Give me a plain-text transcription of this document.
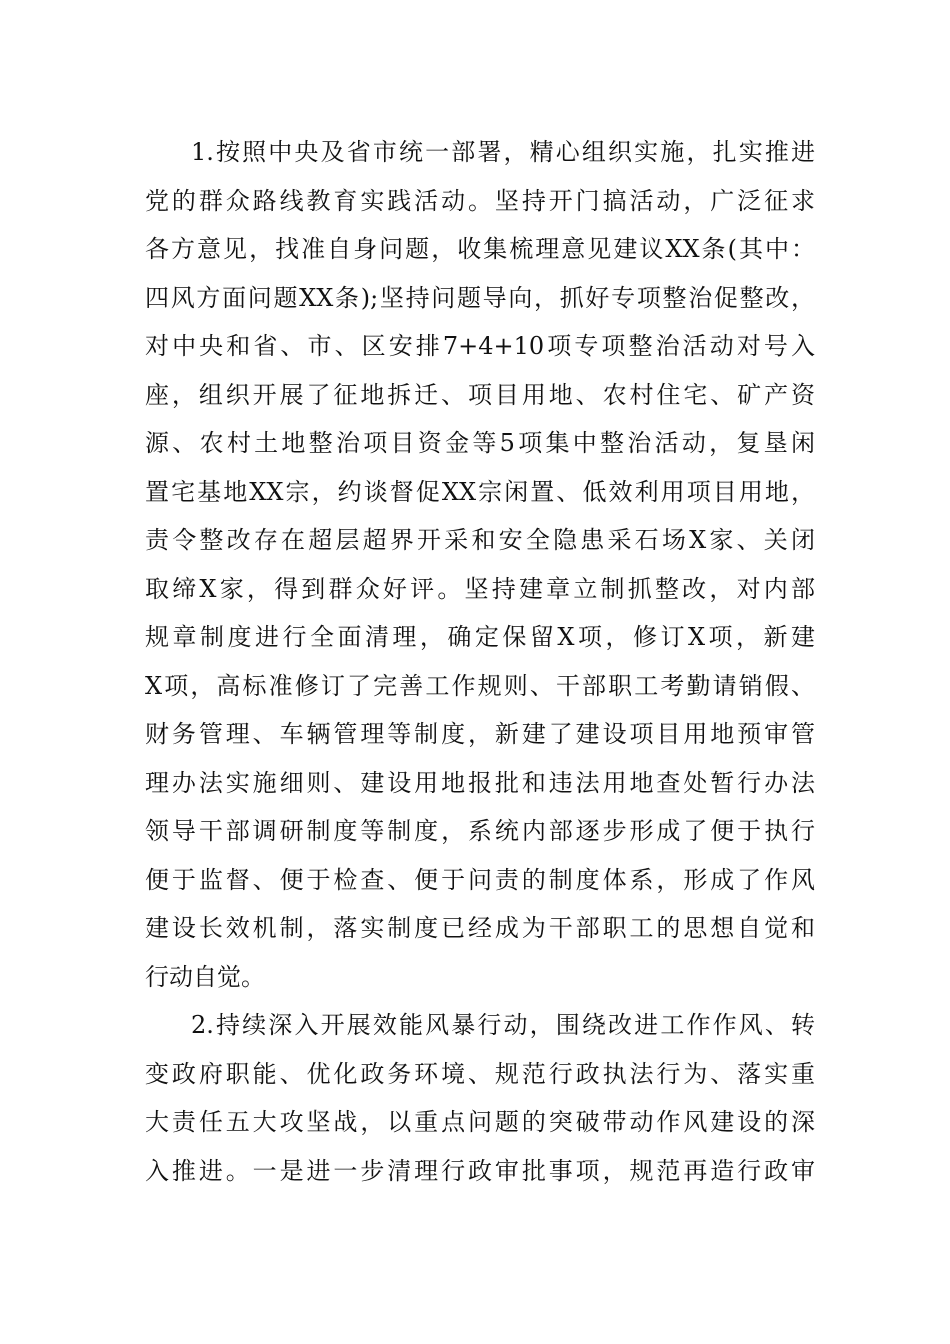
1.按照中央及省市统一部署，精心组织实施，扎实推进
党的群众路线教育实践活动。坚持开门搞活动，广泛征求
各方意见，找准自身问题，收集梳理意见建议XX条(其中：
四风方面问题XX条);坚持问题导向，抓好专项整治促整改，
对中央和省、市、区安排7+4+10项专项整治活动对号入
座，组织开展了征地拆迁、项目用地、农村住宅、矿产资
源、农村土地整治项目资金等5项集中整治活动，复垦闲
置宅基地XX宗，约谈督促XX宗闲置、低效利用项目用地，
责令整改存在超层超界开采和安全隐患采石场X家、关闭
取缔X家，得到群众好评。坚持建章立制抓整改，对内部
规章制度进行全面清理，确定保留X项，修订X项，新建
X项，高标准修订了完善工作规则、干部职工考勤请销假、
财务管理、车辆管理等制度，新建了建设项目用地预审管
理办法实施细则、建设用地报批和违法用地查处暂行办法
领导干部调研制度等制度，系统内部逐步形成了便于执行
便于监督、便于检查、便于问责的制度体系，形成了作风
建设长效机制，落实制度已经成为干部职工的思想自觉和
行动自觉。
2.持续深入开展效能风暴行动，围绕改进工作作风、转
变政府职能、优化政务环境、规范行政执法行为、落实重
大责任五大攻坚战，以重点问题的突破带动作风建设的深
入推进。一是进一步清理行政审批事项，规范再造行政审
